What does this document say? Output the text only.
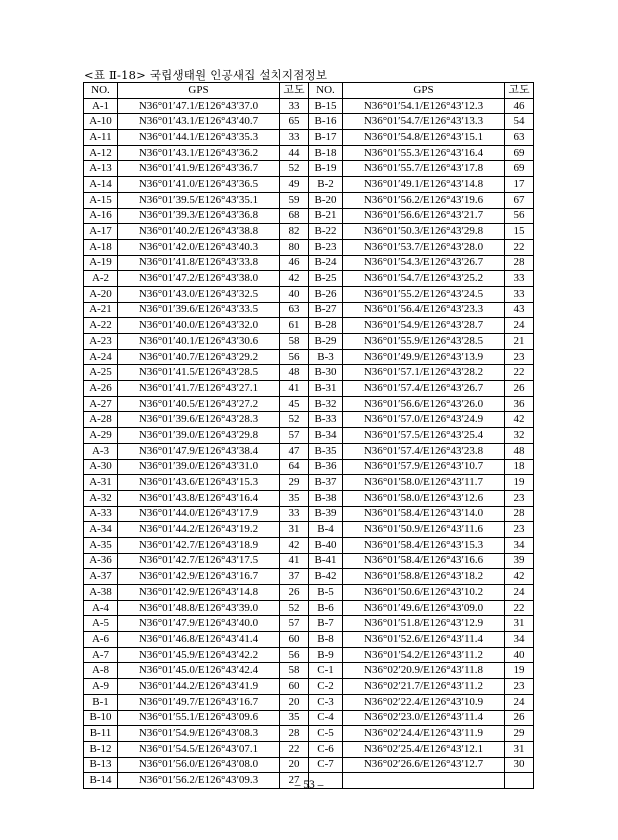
<표 Ⅱ-18> 국립생태원 인공새집 설치지점정보
NO.	GPS	고도	NO.	GPS	고도
A-1	N36°01′47.1/E126°43′37.0	33	B-15	N36°01′54.1/E126°43′12.3	46
A-10	N36°01′43.1/E126°43′40.7	65	B-16	N36°01′54.7/E126°43′13.3	54
A-11	N36°01′44.1/E126°43′35.3	33	B-17	N36°01′54.8/E126°43′15.1	63
A-12	N36°01′43.1/E126°43′36.2	44	B-18	N36°01′55.3/E126°43′16.4	69
A-13	N36°01′41.9/E126°43′36.7	52	B-19	N36°01′55.7/E126°43′17.8	69
A-14	N36°01′41.0/E126°43′36.5	49	B-2	N36°01′49.1/E126°43′14.8	17
A-15	N36°01′39.5/E126°43′35.1	59	B-20	N36°01′56.2/E126°43′19.6	67
A-16	N36°01′39.3/E126°43′36.8	68	B-21	N36°01′56.6/E126°43′21.7	56
A-17	N36°01′40.2/E126°43′38.8	82	B-22	N36°01′50.3/E126°43′29.8	15
A-18	N36°01′42.0/E126°43′40.3	80	B-23	N36°01′53.7/E126°43′28.0	22
A-19	N36°01′41.8/E126°43′33.8	46	B-24	N36°01′54.3/E126°43′26.7	28
A-2	N36°01′47.2/E126°43′38.0	42	B-25	N36°01′54.7/E126°43′25.2	33
A-20	N36°01′43.0/E126°43′32.5	40	B-26	N36°01′55.2/E126°43′24.5	33
A-21	N36°01′39.6/E126°43′33.5	63	B-27	N36°01′56.4/E126°43′23.3	43
A-22	N36°01′40.0/E126°43′32.0	61	B-28	N36°01′54.9/E126°43′28.7	24
A-23	N36°01′40.1/E126°43′30.6	58	B-29	N36°01′55.9/E126°43′28.5	21
A-24	N36°01′40.7/E126°43′29.2	56	B-3	N36°01′49.9/E126°43′13.9	23
A-25	N36°01′41.5/E126°43′28.5	48	B-30	N36°01′57.1/E126°43′28.2	22
A-26	N36°01′41.7/E126°43′27.1	41	B-31	N36°01′57.4/E126°43′26.7	26
A-27	N36°01′40.5/E126°43′27.2	45	B-32	N36°01′56.6/E126°43′26.0	36
A-28	N36°01′39.6/E126°43′28.3	52	B-33	N36°01′57.0/E126°43′24.9	42
A-29	N36°01′39.0/E126°43′29.8	57	B-34	N36°01′57.5/E126°43′25.4	32
A-3	N36°01′47.9/E126°43′38.4	47	B-35	N36°01′57.4/E126°43′23.8	48
A-30	N36°01′39.0/E126°43′31.0	64	B-36	N36°01′57.9/E126°43′10.7	18
A-31	N36°01′43.6/E126°43′15.3	29	B-37	N36°01′58.0/E126°43′11.7	19
A-32	N36°01′43.8/E126°43′16.4	35	B-38	N36°01′58.0/E126°43′12.6	23
A-33	N36°01′44.0/E126°43′17.9	33	B-39	N36°01′58.4/E126°43′14.0	28
A-34	N36°01′44.2/E126°43′19.2	31	B-4	N36°01′50.9/E126°43′11.6	23
A-35	N36°01′42.7/E126°43′18.9	42	B-40	N36°01′58.4/E126°43′15.3	34
A-36	N36°01′42.7/E126°43′17.5	41	B-41	N36°01′58.4/E126°43′16.6	39
A-37	N36°01′42.9/E126°43′16.7	37	B-42	N36°01′58.8/E126°43′18.2	42
A-38	N36°01′42.9/E126°43′14.8	26	B-5	N36°01′50.6/E126°43′10.2	24
A-4	N36°01′48.8/E126°43′39.0	52	B-6	N36°01′49.6/E126°43′09.0	22
A-5	N36°01′47.9/E126°43′40.0	57	B-7	N36°01′51.8/E126°43′12.9	31
A-6	N36°01′46.8/E126°43′41.4	60	B-8	N36°01′52.6/E126°43′11.4	34
A-7	N36°01′45.9/E126°43′42.2	56	B-9	N36°01′54.2/E126°43′11.2	40
A-8	N36°01′45.0/E126°43′42.4	58	C-1	N36°02′20.9/E126°43′11.8	19
A-9	N36°01′44.2/E126°43′41.9	60	C-2	N36°02′21.7/E126°43′11.2	23
B-1	N36°01′49.7/E126°43′16.7	20	C-3	N36°02′22.4/E126°43′10.9	24
B-10	N36°01′55.1/E126°43′09.6	35	C-4	N36°02′23.0/E126°43′11.4	26
B-11	N36°01′54.9/E126°43′08.3	28	C-5	N36°02′24.4/E126°43′11.9	29
B-12	N36°01′54.5/E126°43′07.1	22	C-6	N36°02′25.4/E126°43′12.1	31
B-13	N36°01′56.0/E126°43′08.0	20	C-7	N36°02′26.6/E126°43′12.7	30
B-14	N36°01′56.2/E126°43′09.3	27			
– 53 –
